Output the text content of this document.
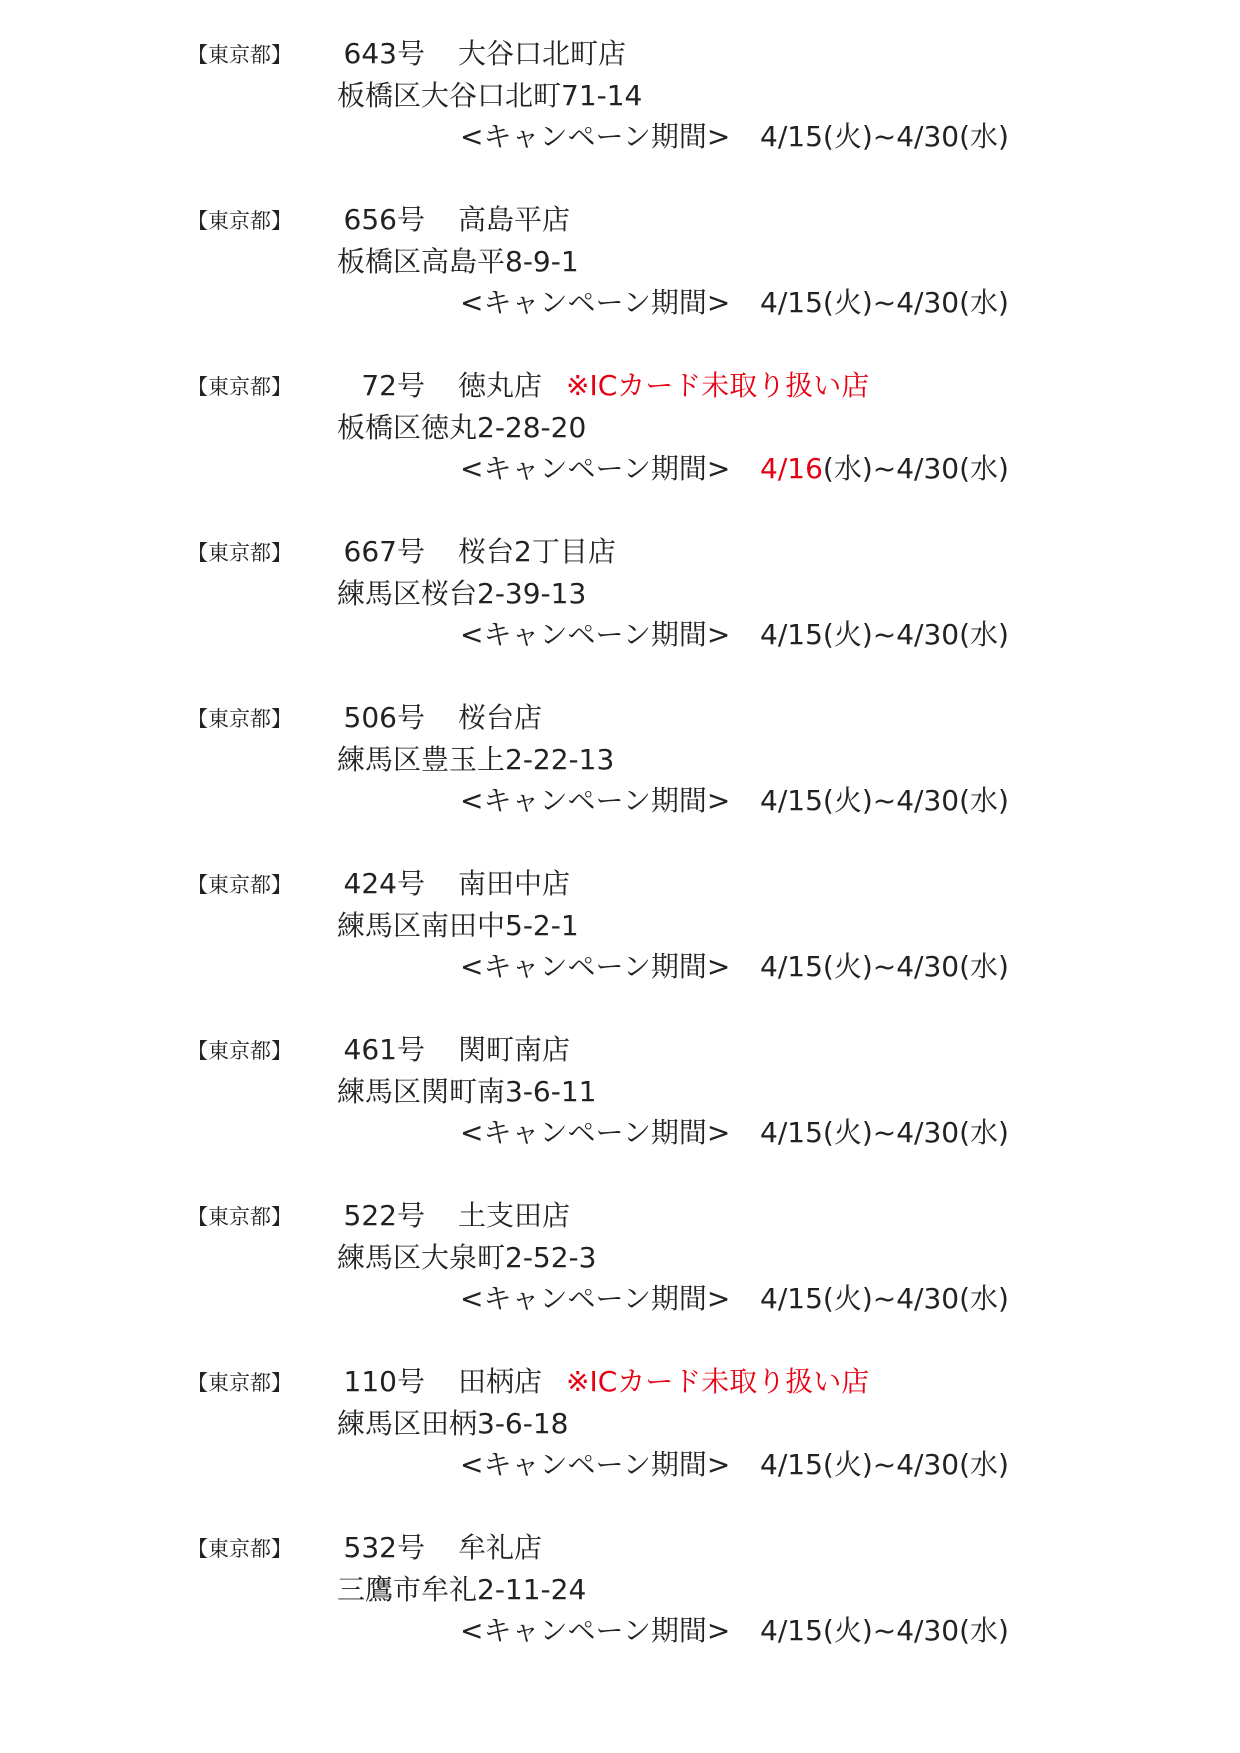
【東京都】 643号 大谷口北町店
板橋区大谷口北町71-14
<キャンペーン期間> 4/15(火)~4/30(水)
【東京都】 656号 高島平店
板橋区高島平8-9-1
<キャンペーン期間> 4/15(火)~4/30(水)
【東京都】 72号 徳丸店 ※ICカード未取り扱い店
板橋区徳丸2-28-20
<キャンペーン期間> 4/16(水)~4/30(水)
【東京都】 667号 桜台2丁目店
練馬区桜台2-39-13
<キャンペーン期間> 4/15(火)~4/30(水)
【東京都】 506号 桜台店
練馬区豊玉上2-22-13
<キャンペーン期間> 4/15(火)~4/30(水)
【東京都】 424号 南田中店
練馬区南田中5-2-1
<キャンペーン期間> 4/15(火)~4/30(水)
【東京都】 461号 関町南店
練馬区関町南3-6-11
<キャンペーン期間> 4/15(火)~4/30(水)
【東京都】 522号 土支田店
練馬区大泉町2-52-3
<キャンペーン期間> 4/15(火)~4/30(水)
【東京都】 110号 田柄店 ※ICカード未取り扱い店
練馬区田柄3-6-18
<キャンペーン期間> 4/15(火)~4/30(水)
【東京都】 532号 牟礼店
三鷹市牟礼2-11-24
<キャンペーン期間> 4/15(火)~4/30(水)
